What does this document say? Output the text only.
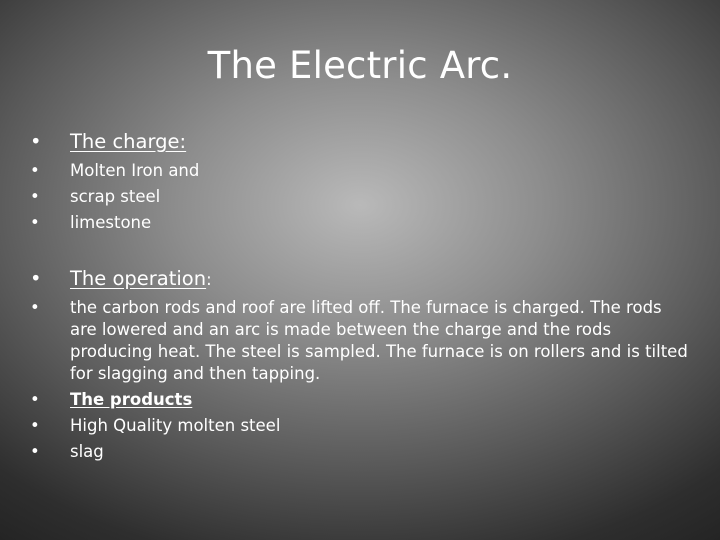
The Electric Arc.
• The charge:
• Molten Iron and
• scrap steel
• limestone
• The operation:
• the carbon rods and roof are lifted off. The furnace is charged. The rods are lowered and an arc is made between the charge and the rods producing heat. The steel is sampled. The furnace is on rollers and is tilted for slagging and then tapping.
• The products
• High Quality molten steel
• slag
